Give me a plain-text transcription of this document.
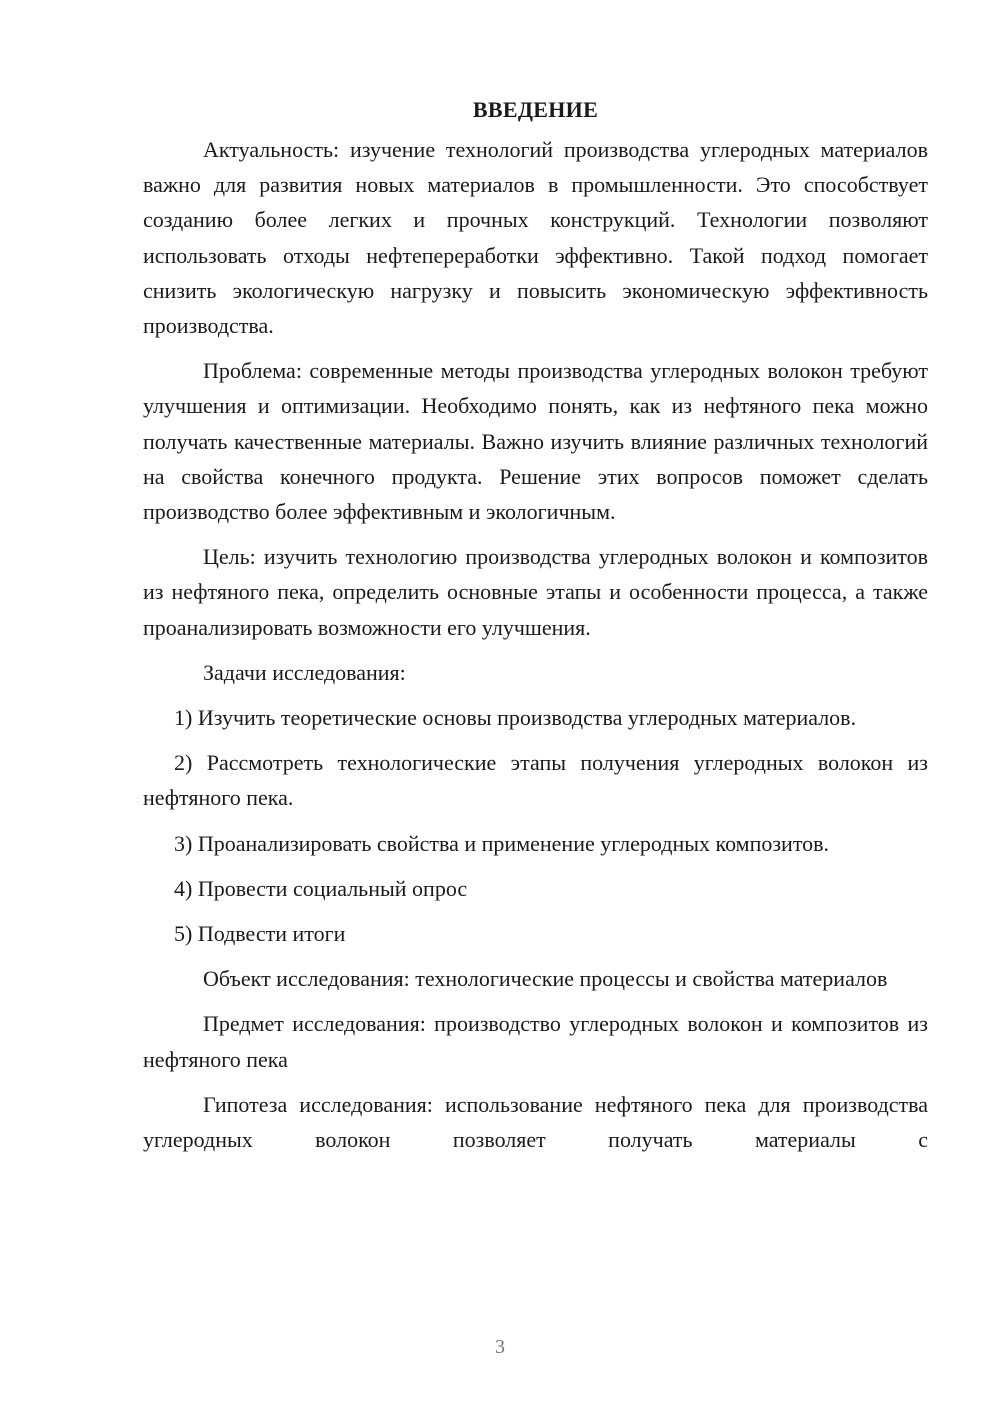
ВВЕДЕНИЕ

Актуальность: изучение технологий производства углеродных материалов важно для развития новых материалов в промышленности. Это способствует созданию более легких и прочных конструкций. Технологии позволяют использовать отходы нефтепереработки эффективно. Такой подход помогает снизить экологическую нагрузку и повысить экономическую эффективность производства.

Проблема: современные методы производства углеродных волокон требуют улучшения и оптимизации. Необходимо понять, как из нефтяного пека можно получать качественные материалы. Важно изучить влияние различных технологий на свойства конечного продукта. Решение этих вопросов поможет сделать производство более эффективным и экологичным.

Цель: изучить технологию производства углеродных волокон и композитов из нефтяного пека, определить основные этапы и особенности процесса, а также проанализировать возможности его улучшения.

Задачи исследования:

1) Изучить теоретические основы производства углеродных материалов.

2) Рассмотреть технологические этапы получения углеродных волокон из нефтяного пека.

3) Проанализировать свойства и применение углеродных композитов.

4) Провести социальный опрос

5) Подвести итоги

Объект исследования: технологические процессы и свойства материалов

Предмет исследования: производство углеродных волокон и композитов из нефтяного пека

Гипотеза исследования: использование нефтяного пека для производства углеродных волокон позволяет получать материалы с

3
